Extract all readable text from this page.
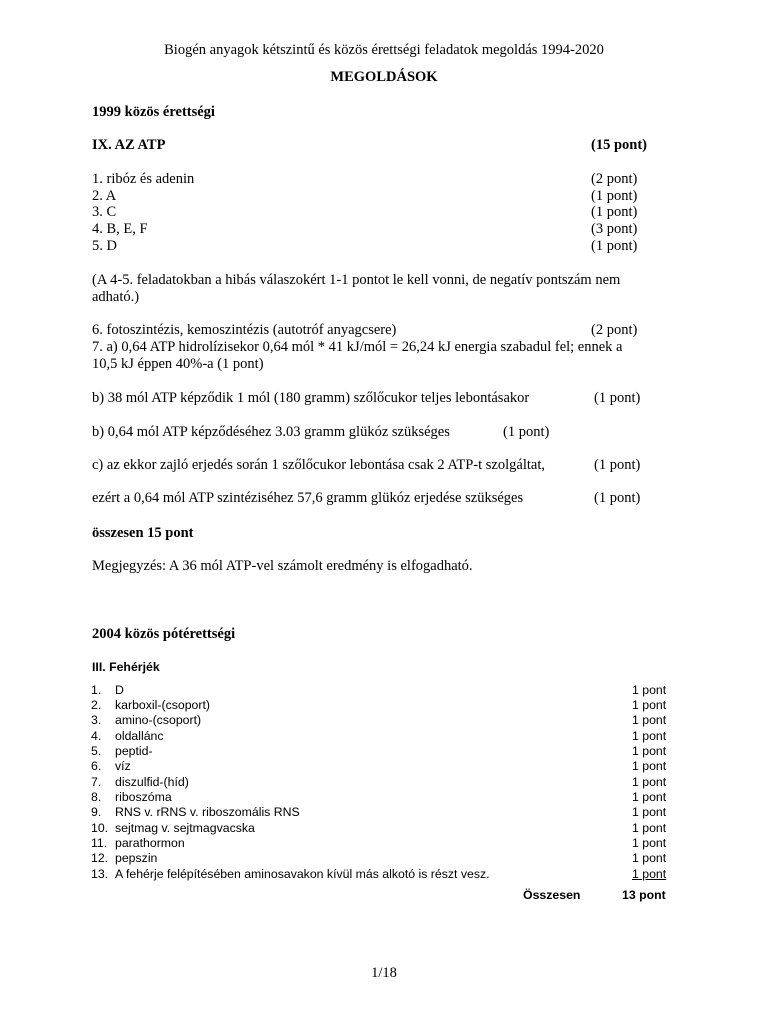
Biogén anyagok kétszintű és közös érettségi feladatok megoldás 1994-2020
MEGOLDÁSOK
1999 közös érettségi
IX. AZ ATP	(15 pont)
1. ribóz és adenin	(2 pont)
2. A	(1 pont)
3. C	(1 pont)
4. B, E, F	(3 pont)
5. D	(1 pont)
(A 4-5. feladatokban a hibás válaszokért 1-1 pontot le kell vonni, de negatív pontszám nem
adható.)
6. fotoszintézis, kemoszintézis (autotróf anyagcsere)	(2 pont)
7. a) 0,64 ATP hidrolízisekor 0,64 mól * 41 kJ/mól = 26,24 kJ energia szabadul fel; ennek a
10,5 kJ éppen 40%-a (1 pont)
b) 38 mól ATP képződik 1 mól (180 gramm) szőlőcukor teljes lebontásakor	(1 pont)
b) 0,64 mól ATP képződéséhez 3.03 gramm glükóz szükséges	(1 pont)
c) az ekkor zajló erjedés során 1 szőlőcukor lebontása csak 2 ATP-t szolgáltat,	(1 pont)
ezért a 0,64 mól ATP szintéziséhez 57,6 gramm glükóz erjedése szükséges	(1 pont)
összesen 15 pont
Megjegyzés: A 36 mól ATP-vel számolt eredmény is elfogadható.
2004 közös pótérettségi
III. Fehérjék
1. D	1 pont
2. karboxil-(csoport)	1 pont
3. amino-(csoport)	1 pont
4. oldallánc	1 pont
5. peptid-	1 pont
6. víz	1 pont
7. diszulfid-(híd)	1 pont
8. riboszóma	1 pont
9. RNS v. rRNS v. riboszomális RNS	1 pont
10. sejtmag v. sejtmagvacska	1 pont
11. parathormon	1 pont
12. pepszin	1 pont
13. A fehérje felépítésében aminosavakon kívül más alkotó is részt vesz.	1 pont
Összesen	13 pont
1/18
